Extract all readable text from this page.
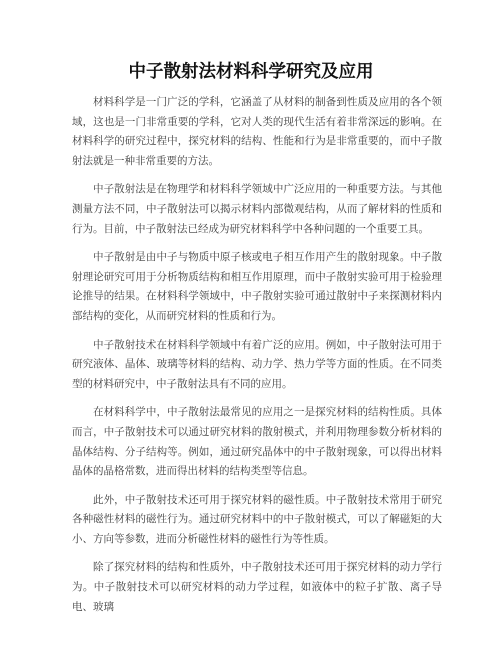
中子散射法材料科学研究及应用

材料科学是一门广泛的学科，它涵盖了从材料的制备到性质及应用的各个领域，这也是一门非常重要的学科，它对人类的现代生活有着非常深远的影响。在材料科学的研究过程中，探究材料的结构、性能和行为是非常重要的，而中子散射法就是一种非常重要的方法。

中子散射法是在物理学和材料科学领域中广泛应用的一种重要方法。与其他测量方法不同，中子散射法可以揭示材料内部微观结构，从而了解材料的性质和行为。目前，中子散射法已经成为研究材料科学中各种问题的一个重要工具。

中子散射是由中子与物质中原子核或电子相互作用产生的散射现象。中子散射理论研究可用于分析物质结构和相互作用原理，而中子散射实验可用于检验理论推导的结果。在材料科学领域中，中子散射实验可通过散射中子来探测材料内部结构的变化，从而研究材料的性质和行为。

中子散射技术在材料科学领域中有着广泛的应用。例如，中子散射法可用于研究液体、晶体、玻璃等材料的结构、动力学、热力学等方面的性质。在不同类型的材料研究中，中子散射法具有不同的应用。

在材料科学中，中子散射法最常见的应用之一是探究材料的结构性质。具体而言，中子散射技术可以通过研究材料的散射模式，并利用物理参数分析材料的晶体结构、分子结构等。例如，通过研究晶体中的中子散射现象，可以得出材料晶体的晶格常数，进而得出材料的结构类型等信息。

此外，中子散射技术还可用于探究材料的磁性质。中子散射技术常用于研究各种磁性材料的磁性行为。通过研究材料中的中子散射模式，可以了解磁矩的大小、方向等参数，进而分析磁性材料的磁性行为等性质。

除了探究材料的结构和性质外，中子散射技术还可用于探究材料的动力学行为。中子散射技术可以研究材料的动力学过程，如液体中的粒子扩散、离子导电、玻璃
